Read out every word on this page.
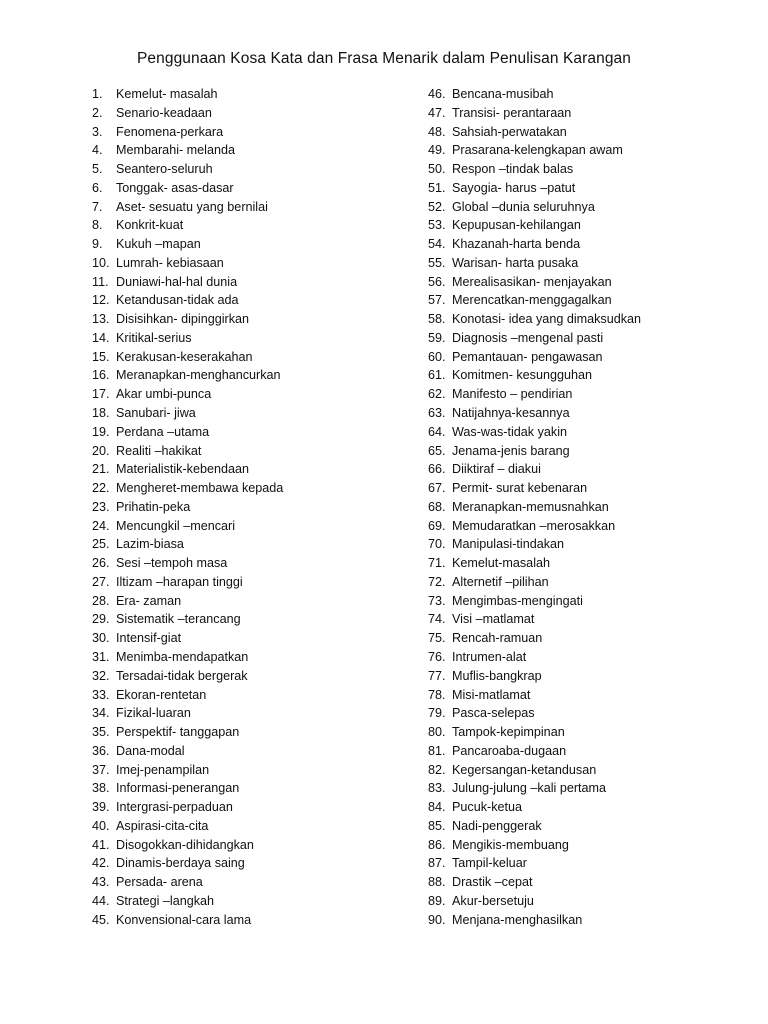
Penggunaan Kosa Kata dan Frasa Menarik dalam Penulisan Karangan
1.	Kemelut- masalah
2.	Senario-keadaan
3.	Fenomena-perkara
4.	Membarahi- melanda
5.	Seantero-seluruh
6.	Tonggak- asas-dasar
7.	Aset- sesuatu yang bernilai
8.	Konkrit-kuat
9.	Kukuh –mapan
10. Lumrah- kebiasaan
11. Duniawi-hal-hal dunia
12. Ketandusan-tidak ada
13. Disisihkan- dipinggirkan
14. Kritikal-serius
15. Kerakusan-keserakahan
16. Meranapkan-menghancurkan
17. Akar umbi-punca
18. Sanubari- jiwa
19. Perdana –utama
20. Realiti –hakikat
21. Materialistik-kebendaan
22. Mengheret-membawa kepada
23. Prihatin-peka
24. Mencungkil –mencari
25. Lazim-biasa
26. Sesi –tempoh masa
27. Iltizam –harapan tinggi
28. Era- zaman
29. Sistematik –terancang
30. Intensif-giat
31. Menimba-mendapatkan
32. Tersadai-tidak bergerak
33. Ekoran-rentetan
34. Fizikal-luaran
35. Perspektif- tanggapan
36. Dana-modal
37. Imej-penampilan
38. Informasi-penerangan
39. Intergrasi-perpaduan
40. Aspirasi-cita-cita
41. Disogokkan-dihidangkan
42. Dinamis-berdaya saing
43. Persada- arena
44. Strategi –langkah
45. Konvensional-cara lama
46. Bencana-musibah
47. Transisi- perantaraan
48. Sahsiah-perwatakan
49. Prasarana-kelengkapan awam
50. Respon –tindak balas
51. Sayogia- harus –patut
52. Global –dunia seluruhnya
53. Kepupusan-kehilangan
54. Khazanah-harta benda
55. Warisan- harta pusaka
56. Merealisasikan- menjayakan
57. Merencatkan-menggagalkan
58. Konotasi- idea yang dimaksudkan
59. Diagnosis –mengenal pasti
60. Pemantauan- pengawasan
61. Komitmen- kesungguhan
62. Manifesto – pendirian
63. Natijahnya-kesannya
64. Was-was-tidak yakin
65. Jenama-jenis barang
66. Diiktiraf – diakui
67. Permit- surat kebenaran
68. Meranapkan-memusnahkan
69. Memudaratkan –merosakkan
70. Manipulasi-tindakan
71. Kemelut-masalah
72. Alternetif –pilihan
73. Mengimbas-mengingati
74. Visi –matlamat
75. Rencah-ramuan
76. Intrumen-alat
77. Muflis-bangkrap
78. Misi-matlamat
79. Pasca-selepas
80. Tampok-kepimpinan
81. Pancaroaba-dugaan
82. Kegersangan-ketandusan
83. Julung-julung –kali pertama
84. Pucuk-ketua
85. Nadi-penggerak
86. Mengikis-membuang
87. Tampil-keluar
88. Drastik –cepat
89. Akur-bersetuju
90. Menjana-menghasilkan
